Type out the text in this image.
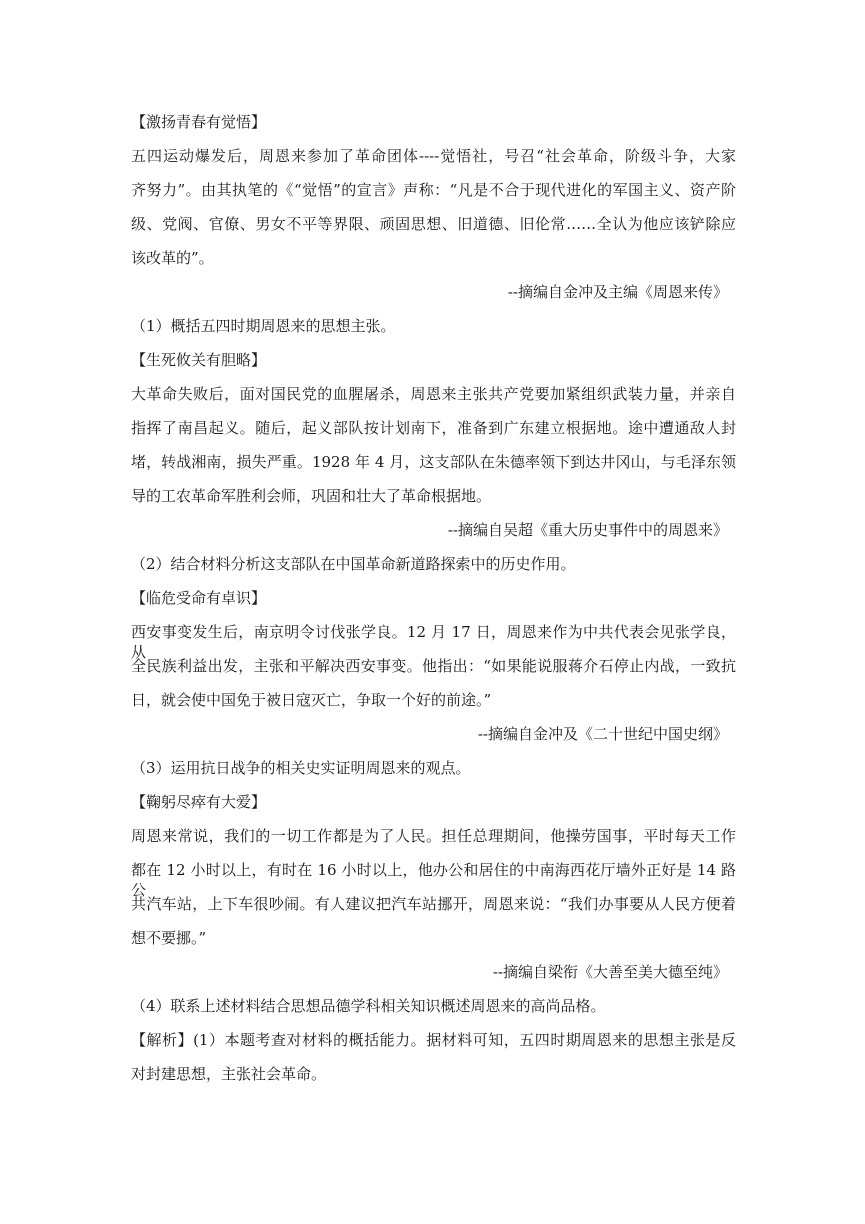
【激扬青春有觉悟】
五四运动爆发后，周恩来参加了革命团体----觉悟社，号召“社会革命，阶级斗争，大家
齐努力”。由其执笔的《“觉悟”的宣言》声称：“凡是不合于现代进化的军国主义、资产阶
级、党阀、官僚、男女不平等界限、顽固思想、旧道德、旧伦常……全认为他应该铲除应
该改革的”。
--摘编自金冲及主编《周恩来传》
（1）概括五四时期周恩来的思想主张。
【生死攸关有胆略】
大革命失败后，面对国民党的血腥屠杀，周恩来主张共产党要加紧组织武装力量，并亲自
指挥了南昌起义。随后，起义部队按计划南下，准备到广东建立根据地。途中遭通敌人封
堵，转战湘南，损失严重。1928 年 4 月，这支部队在朱德率领下到达井冈山，与毛泽东领
导的工农革命军胜利会师，巩固和壮大了革命根据地。
--摘编自吴超《重大历史事件中的周恩来》
（2）结合材料分析这支部队在中国革命新道路探索中的历史作用。
【临危受命有卓识】
西安事变发生后，南京明令讨伐张学良。12 月 17 日，周恩来作为中共代表会见张学良，从
全民族利益出发，主张和平解决西安事变。他指出：“如果能说服蒋介石停止内战，一致抗
日，就会使中国免于被日寇灭亡，争取一个好的前途。”
--摘编自金冲及《二十世纪中国史纲》
（3）运用抗日战争的相关史实证明周恩来的观点。
【鞠躬尽瘁有大爱】
周恩来常说，我们的一切工作都是为了人民。担任总理期间，他操劳国事，平时每天工作
都在 12 小时以上，有时在 16 小时以上，他办公和居住的中南海西花厅墙外正好是 14 路公
共汽车站，上下车很吵闹。有人建议把汽车站挪开，周恩来说：“我们办事要从人民方便着
想不要挪。”
--摘编自梁衔《大善至美大德至纯》
（4）联系上述材料结合思想品德学科相关知识概述周恩来的高尚品格。
【解析】(1）本题考查对材料的概括能力。据材料可知，五四时期周恩来的思想主张是反
对封建思想，主张社会革命。
